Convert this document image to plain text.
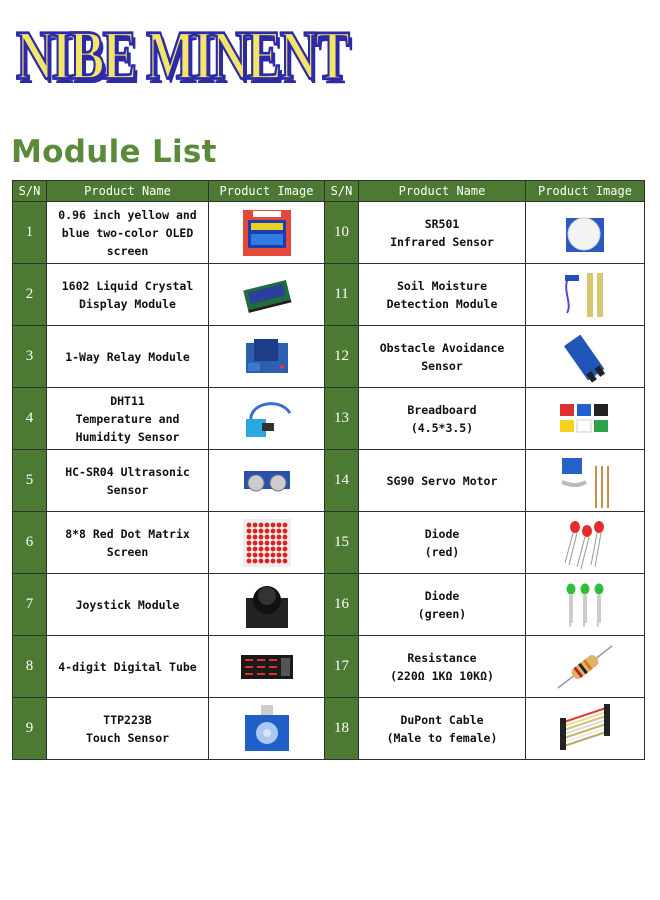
NIBE MINENT
Module List
S/N	Product Name	Product Image	S/N	Product Name	Product Image
1	0.96 inch yellow and
blue two-color OLED
screen		10	SR501
Infrared Sensor	

2	1602 Liquid Crystal
Display Module		11	Soil Moisture
Detection Module	

3	1-Way Relay Module		12	Obstacle Avoidance
Sensor	

4	DHT11
Temperature and
Humidity Sensor		13	Breadboard
(4.5*3.5)	

5	HC-SR04 Ultrasonic
Sensor		14	SG90 Servo Motor	

6	8*8 Red Dot Matrix
Screen		15	Diode
(red)	

7	Joystick Module		16	Diode
(green)	

8	4-digit Digital Tube		17	Resistance
(220Ω 1KΩ 10KΩ)	

9	TTP223B
Touch Sensor		18	DuPont Cable
(Male to female)	
